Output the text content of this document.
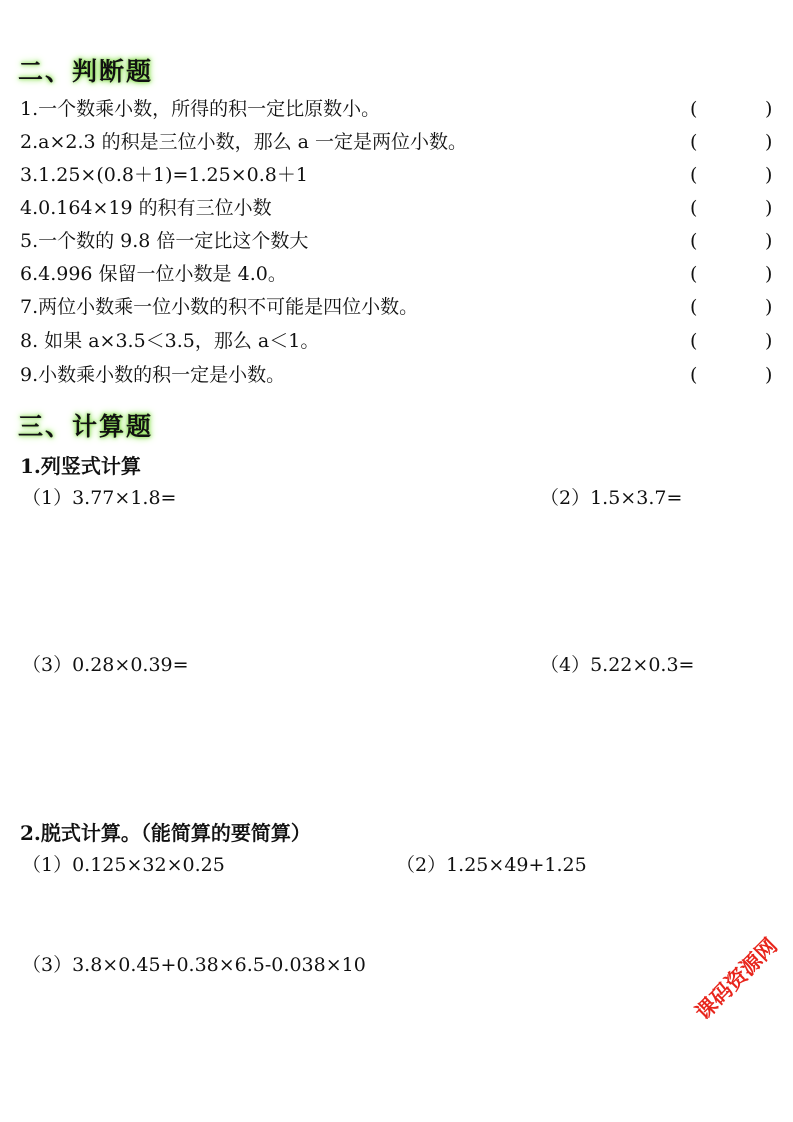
二、判断题
1.一个数乘小数，所得的积一定比原数小。	(	)
2.a×2.3 的积是三位小数，那么 a 一定是两位小数。	(	)
3.1.25×(0.8＋1)=1.25×0.8＋1	(	)
4.0.164×19 的积有三位小数	(	)
5.一个数的 9.8 倍一定比这个数大	(	)
6.4.996 保留一位小数是 4.0。	(	)
7.两位小数乘一位小数的积不可能是四位小数。	(	)
8. 如果 a×3.5＜3.5，那么 a＜1。	(	)
9.小数乘小数的积一定是小数。	(	)
三、计算题
1.列竖式计算
（1）3.77×1.8=	（2）1.5×3.7=
（3）0.28×0.39=	（4）5.22×0.3=
2.脱式计算。（能简算的要简算）
（1）0.125×32×0.25	（2）1.25×49+1.25
（3）3.8×0.45+0.38×6.5-0.038×10	课码资源网
